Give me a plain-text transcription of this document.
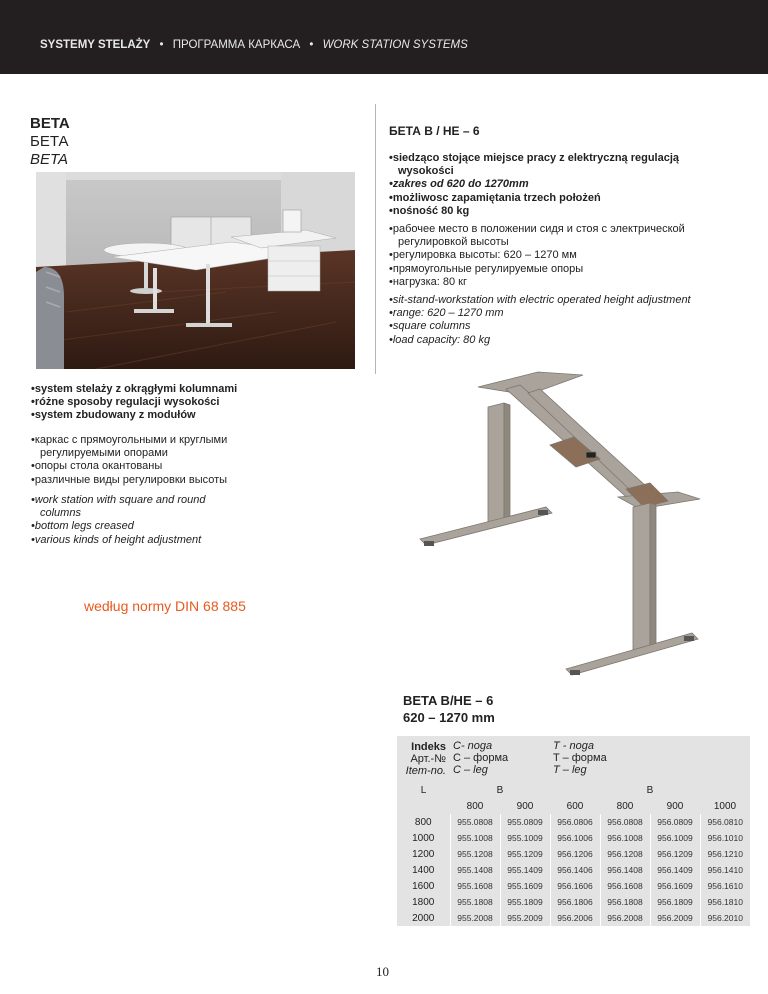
SYSTEMY STELAŻY • ПРОГРАММА КАРКАСА • WORK STATION SYSTEMS
BETA
БЕТА
BETA
БЕТА B / HE – 6
• siedząco stojące miejsce pracy z elektryczną regulacją wysokości
• zakres od 620 do 1270mm
• możliwosc zapamiętania trzech położeń
• nośność 80 kg
• рабочее место в положении сидя и стоя с электрической регулировкой высоты
• регулировка высоты: 620 – 1270 мм
• прямоугольные регулируемые опоры
• нагрузка: 80 кг
• sit-stand-workstation with electric operated height adjustment
• range: 620 – 1270 mm
• square columns
• load capacity: 80 kg
• system stelaży z okrągłymi kolumnami
• różne sposoby regulacji wysokości
• system zbudowany z modułów
• каркас с прямоугольными и круглыми регулируемыми опорами
• опоры стола окантованы
• различные виды регулировки высоты
• work station with square and round columns
• bottom legs creased
• various kinds of height adjustment
według normy DIN 68 885
BETA B/HE – 6
620 – 1270 mm
Indeks
Арт.-№
Item-no.	C- noga
C – форма
C – leg		T - noga
T – форма
T – leg			
L	B		B			
	800	900	600	800	900	1000
800	955.0808	955.0809	956.0806	956.0808	956.0809	956.0810
1000	955.1008	955.1009	956.1006	956.1008	956.1009	956.1010
1200	955.1208	955.1209	956.1206	956.1208	956.1209	956.1210
1400	955.1408	955.1409	956.1406	956.1408	956.1409	956.1410
1600	955.1608	955.1609	956.1606	956.1608	956.1609	956.1610
1800	955.1808	955.1809	956.1806	956.1808	956.1809	956.1810
2000	955.2008	955.2009	956.2006	956.2008	956.2009	956.2010
10
